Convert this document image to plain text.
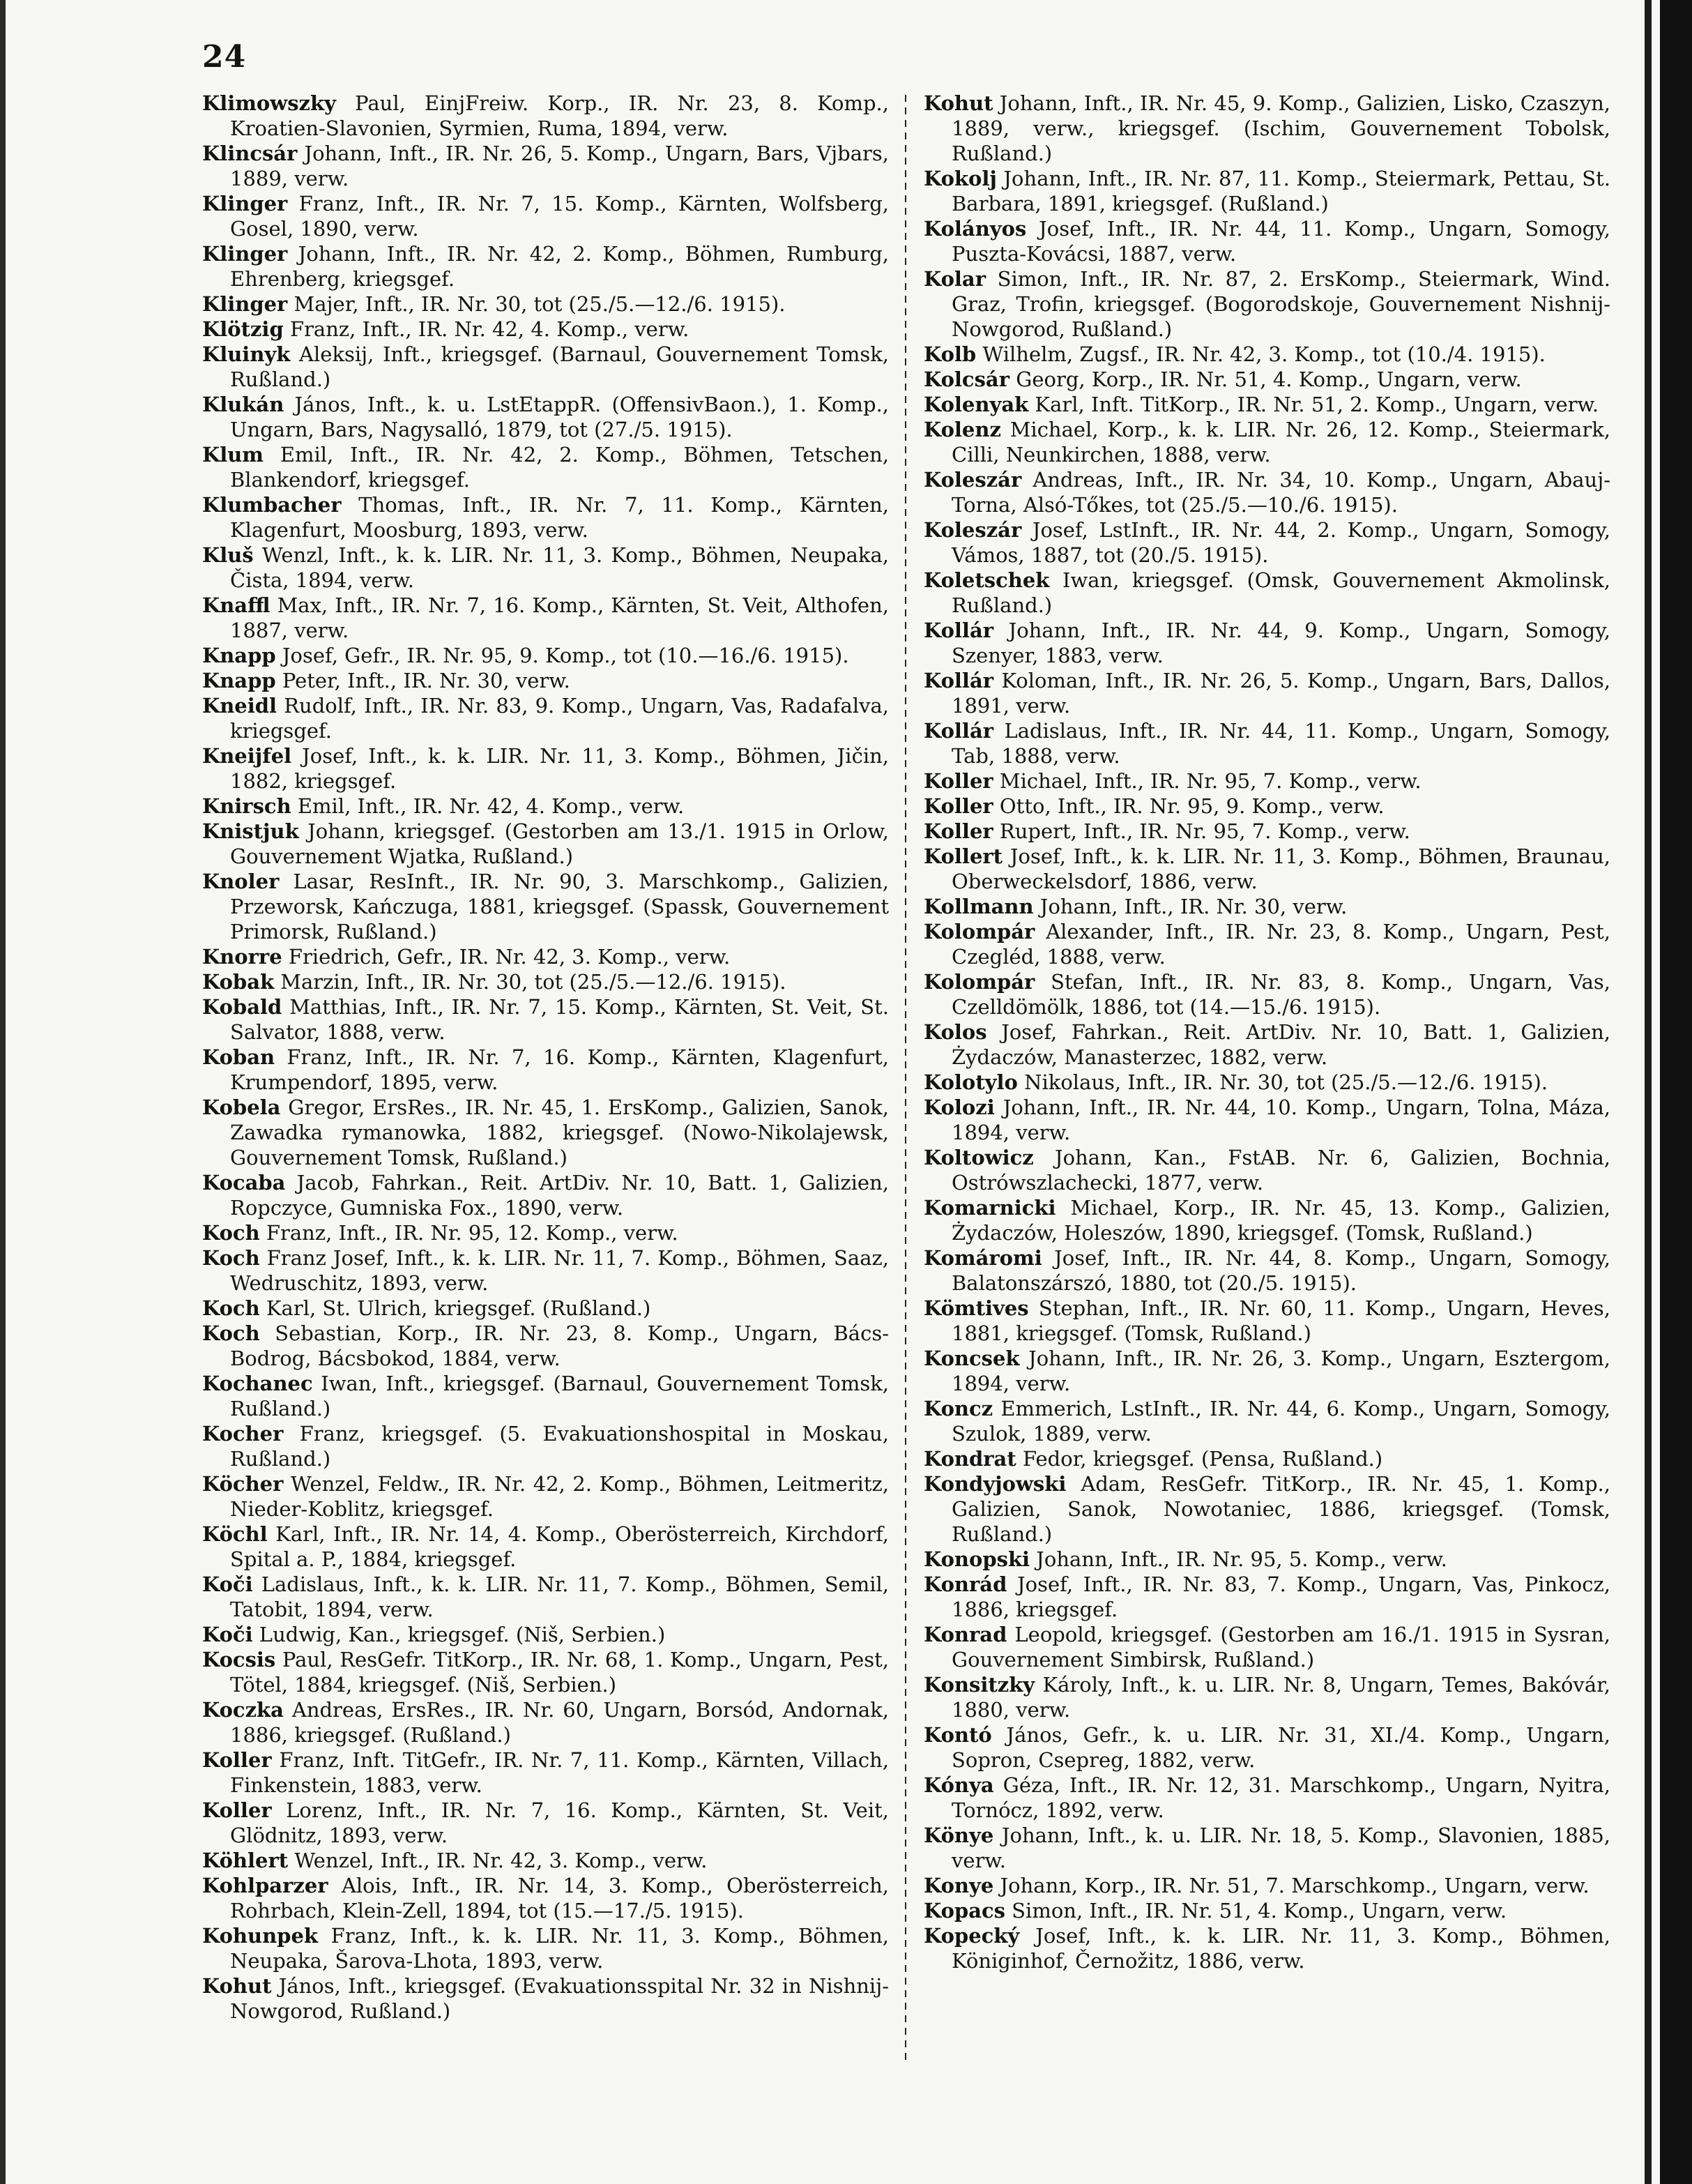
24
Klimowszky Paul, EinjFreiw. Korp., IR. Nr. 23, 8. Komp., Kroatien-Slavonien, Syrmien, Ruma, 1894, verw.
Klincsár Johann, Inft., IR. Nr. 26, 5. Komp., Ungarn, Bars, Vjbars, 1889, verw.
Klinger Franz, Inft., IR. Nr. 7, 15. Komp., Kärnten, Wolfsberg, Gosel, 1890, verw.
Klinger Johann, Inft., IR. Nr. 42, 2. Komp., Böhmen, Rumburg, Ehrenberg, kriegsgef.
Klinger Majer, Inft., IR. Nr. 30, tot (25./5.—12./6. 1915).
Klötzig Franz, Inft., IR. Nr. 42, 4. Komp., verw.
Kluinyk Aleksij, Inft., kriegsgef. (Barnaul, Gouvernement Tomsk, Rußland.)
Klukán János, Inft., k. u. LstEtappR. (OffensivBaon.), 1. Komp., Ungarn, Bars, Nagysalló, 1879, tot (27./5. 1915).
Klum Emil, Inft., IR. Nr. 42, 2. Komp., Böhmen, Tetschen, Blankendorf, kriegsgef.
Klumbacher Thomas, Inft., IR. Nr. 7, 11. Komp., Kärnten, Klagenfurt, Moosburg, 1893, verw.
Kluš Wenzl, Inft., k. k. LIR. Nr. 11, 3. Komp., Böhmen, Neupaka, Čista, 1894, verw.
Knaffl Max, Inft., IR. Nr. 7, 16. Komp., Kärnten, St. Veit, Althofen, 1887, verw.
Knapp Josef, Gefr., IR. Nr. 95, 9. Komp., tot (10.—16./6. 1915).
Knapp Peter, Inft., IR. Nr. 30, verw.
Kneidl Rudolf, Inft., IR. Nr. 83, 9. Komp., Ungarn, Vas, Radafalva, kriegsgef.
Kneijfel Josef, Inft., k. k. LIR. Nr. 11, 3. Komp., Böhmen, Jičin, 1882, kriegsgef.
Knirsch Emil, Inft., IR. Nr. 42, 4. Komp., verw.
Knistjuk Johann, kriegsgef. (Gestorben am 13./1. 1915 in Orlow, Gouvernement Wjatka, Rußland.)
Knoler Lasar, ResInft., IR. Nr. 90, 3. Marschkomp., Galizien, Przeworsk, Kańczuga, 1881, kriegsgef. (Spassk, Gouvernement Primorsk, Rußland.)
Knorre Friedrich, Gefr., IR. Nr. 42, 3. Komp., verw.
Kobak Marzin, Inft., IR. Nr. 30, tot (25./5.—12./6. 1915).
Kobald Matthias, Inft., IR. Nr. 7, 15. Komp., Kärnten, St. Veit, St. Salvator, 1888, verw.
Koban Franz, Inft., IR. Nr. 7, 16. Komp., Kärnten, Klagenfurt, Krumpendorf, 1895, verw.
Kobela Gregor, ErsRes., IR. Nr. 45, 1. ErsKomp., Galizien, Sanok, Zawadka rymanowka, 1882, kriegsgef. (Nowo-Nikolajewsk, Gouvernement Tomsk, Rußland.)
Kocaba Jacob, Fahrkan., Reit. ArtDiv. Nr. 10, Batt. 1, Galizien, Ropczyce, Gumniska Fox., 1890, verw.
Koch Franz, Inft., IR. Nr. 95, 12. Komp., verw.
Koch Franz Josef, Inft., k. k. LIR. Nr. 11, 7. Komp., Böhmen, Saaz, Wedruschitz, 1893, verw.
Koch Karl, St. Ulrich, kriegsgef. (Rußland.)
Koch Sebastian, Korp., IR. Nr. 23, 8. Komp., Ungarn, Bács-Bodrog, Bácsbokod, 1884, verw.
Kochanec Iwan, Inft., kriegsgef. (Barnaul, Gouvernement Tomsk, Rußland.)
Kocher Franz, kriegsgef. (5. Evakuationshospital in Moskau, Rußland.)
Köcher Wenzel, Feldw., IR. Nr. 42, 2. Komp., Böhmen, Leitmeritz, Nieder-Koblitz, kriegsgef.
Köchl Karl, Inft., IR. Nr. 14, 4. Komp., Oberösterreich, Kirchdorf, Spital a. P., 1884, kriegsgef.
Koči Ladislaus, Inft., k. k. LIR. Nr. 11, 7. Komp., Böhmen, Semil, Tatobit, 1894, verw.
Koči Ludwig, Kan., kriegsgef. (Niš, Serbien.)
Kocsis Paul, ResGefr. TitKorp., IR. Nr. 68, 1. Komp., Ungarn, Pest, Tötel, 1884, kriegsgef. (Niš, Serbien.)
Koczka Andreas, ErsRes., IR. Nr. 60, Ungarn, Borsód, Andornak, 1886, kriegsgef. (Rußland.)
Koller Franz, Inft. TitGefr., IR. Nr. 7, 11. Komp., Kärnten, Villach, Finkenstein, 1883, verw.
Koller Lorenz, Inft., IR. Nr. 7, 16. Komp., Kärnten, St. Veit, Glödnitz, 1893, verw.
Köhlert Wenzel, Inft., IR. Nr. 42, 3. Komp., verw.
Kohlparzer Alois, Inft., IR. Nr. 14, 3. Komp., Oberösterreich, Rohrbach, Klein-Zell, 1894, tot (15.—17./5. 1915).
Kohunpek Franz, Inft., k. k. LIR. Nr. 11, 3. Komp., Böhmen, Neupaka, Šarova-Lhota, 1893, verw.
Kohut János, Inft., kriegsgef. (Evakuationsspital Nr. 32 in Nishnij-Nowgorod, Rußland.)
Kohut Johann, Inft., IR. Nr. 45, 9. Komp., Galizien, Lisko, Czaszyn, 1889, verw., kriegsgef. (Ischim, Gouvernement Tobolsk, Rußland.)
Kokolj Johann, Inft., IR. Nr. 87, 11. Komp., Steiermark, Pettau, St. Barbara, 1891, kriegsgef. (Rußland.)
Kolányos Josef, Inft., IR. Nr. 44, 11. Komp., Ungarn, Somogy, Puszta-Kovácsi, 1887, verw.
Kolar Simon, Inft., IR. Nr. 87, 2. ErsKomp., Steiermark, Wind. Graz, Trofin, kriegsgef. (Bogorodskoje, Gouvernement Nishnij-Nowgorod, Rußland.)
Kolb Wilhelm, Zugsf., IR. Nr. 42, 3. Komp., tot (10./4. 1915).
Kolcsár Georg, Korp., IR. Nr. 51, 4. Komp., Ungarn, verw.
Kolenyak Karl, Inft. TitKorp., IR. Nr. 51, 2. Komp., Ungarn, verw.
Kolenz Michael, Korp., k. k. LIR. Nr. 26, 12. Komp., Steiermark, Cilli, Neunkirchen, 1888, verw.
Koleszár Andreas, Inft., IR. Nr. 34, 10. Komp., Ungarn, Abauj-Torna, Alsó-Tőkes, tot (25./5.—10./6. 1915).
Koleszár Josef, LstInft., IR. Nr. 44, 2. Komp., Ungarn, Somogy, Vámos, 1887, tot (20./5. 1915).
Koletschek Iwan, kriegsgef. (Omsk, Gouvernement Akmolinsk, Rußland.)
Kollár Johann, Inft., IR. Nr. 44, 9. Komp., Ungarn, Somogy, Szenyer, 1883, verw.
Kollár Koloman, Inft., IR. Nr. 26, 5. Komp., Ungarn, Bars, Dallos, 1891, verw.
Kollár Ladislaus, Inft., IR. Nr. 44, 11. Komp., Ungarn, Somogy, Tab, 1888, verw.
Koller Michael, Inft., IR. Nr. 95, 7. Komp., verw.
Koller Otto, Inft., IR. Nr. 95, 9. Komp., verw.
Koller Rupert, Inft., IR. Nr. 95, 7. Komp., verw.
Kollert Josef, Inft., k. k. LIR. Nr. 11, 3. Komp., Böhmen, Braunau, Oberweckelsdorf, 1886, verw.
Kollmann Johann, Inft., IR. Nr. 30, verw.
Kolompár Alexander, Inft., IR. Nr. 23, 8. Komp., Ungarn, Pest, Czegléd, 1888, verw.
Kolompár Stefan, Inft., IR. Nr. 83, 8. Komp., Ungarn, Vas, Czelldömölk, 1886, tot (14.—15./6. 1915).
Kolos Josef, Fahrkan., Reit. ArtDiv. Nr. 10, Batt. 1, Galizien, Żydaczów, Manasterzec, 1882, verw.
Kolotylo Nikolaus, Inft., IR. Nr. 30, tot (25./5.—12./6. 1915).
Kolozi Johann, Inft., IR. Nr. 44, 10. Komp., Ungarn, Tolna, Máza, 1894, verw.
Koltowicz Johann, Kan., FstAB. Nr. 6, Galizien, Bochnia, Ostrówszlachecki, 1877, verw.
Komarnicki Michael, Korp., IR. Nr. 45, 13. Komp., Galizien, Żydaczów, Holeszów, 1890, kriegsgef. (Tomsk, Rußland.)
Komáromi Josef, Inft., IR. Nr. 44, 8. Komp., Ungarn, Somogy, Balatonszárszó, 1880, tot (20./5. 1915).
Kömtives Stephan, Inft., IR. Nr. 60, 11. Komp., Ungarn, Heves, 1881, kriegsgef. (Tomsk, Rußland.)
Koncsek Johann, Inft., IR. Nr. 26, 3. Komp., Ungarn, Esztergom, 1894, verw.
Koncz Emmerich, LstInft., IR. Nr. 44, 6. Komp., Ungarn, Somogy, Szulok, 1889, verw.
Kondrat Fedor, kriegsgef. (Pensa, Rußland.)
Kondyjowski Adam, ResGefr. TitKorp., IR. Nr. 45, 1. Komp., Galizien, Sanok, Nowotaniec, 1886, kriegsgef. (Tomsk, Rußland.)
Konopski Johann, Inft., IR. Nr. 95, 5. Komp., verw.
Konrád Josef, Inft., IR. Nr. 83, 7. Komp., Ungarn, Vas, Pinkocz, 1886, kriegsgef.
Konrad Leopold, kriegsgef. (Gestorben am 16./1. 1915 in Sysran, Gouvernement Simbirsk, Rußland.)
Konsitzky Károly, Inft., k. u. LIR. Nr. 8, Ungarn, Temes, Bakóvár, 1880, verw.
Kontó János, Gefr., k. u. LIR. Nr. 31, XI./4. Komp., Ungarn, Sopron, Csepreg, 1882, verw.
Kónya Géza, Inft., IR. Nr. 12, 31. Marschkomp., Ungarn, Nyitra, Tornócz, 1892, verw.
Könye Johann, Inft., k. u. LIR. Nr. 18, 5. Komp., Slavonien, 1885, verw.
Konye Johann, Korp., IR. Nr. 51, 7. Marschkomp., Ungarn, verw.
Kopacs Simon, Inft., IR. Nr. 51, 4. Komp., Ungarn, verw.
Kopecký Josef, Inft., k. k. LIR. Nr. 11, 3. Komp., Böhmen, Königinhof, Černožitz, 1886, verw.
